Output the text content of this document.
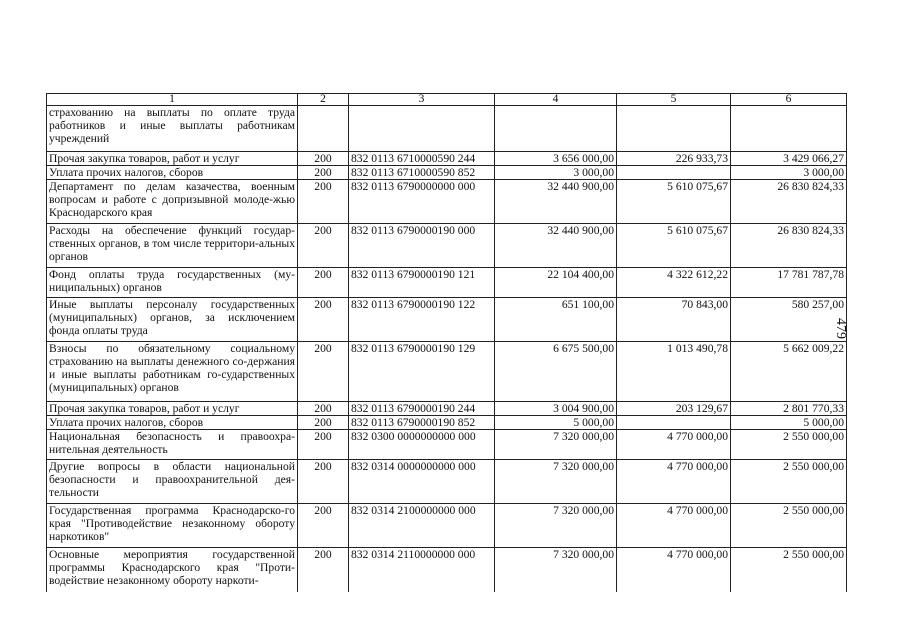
1	2	3	4	5	6
страхованию на выплаты по оплате труда работников и иные выплаты работникам учреждений					
Прочая закупка товаров, работ и услуг	200	832 0113 6710000590 244	3 656 000,00	226 933,73	3 429 066,27
Уплата прочих налогов, сборов	200	832 0113 6710000590 852	3 000,00		3 000,00
Департамент по делам казачества, военным вопросам и работе с допризывной молоде-жью Краснодарского края	200	832 0113 6790000000 000	32 440 900,00	5 610 075,67	26 830 824,33
Расходы на обеспечение функций государ-ственных органов, в том числе территори-альных органов	200	832 0113 6790000190 000	32 440 900,00	5 610 075,67	26 830 824,33
Фонд оплаты труда государственных (му-ниципальных) органов	200	832 0113 6790000190 121	22 104 400,00	4 322 612,22	17 781 787,78
Иные выплаты персоналу государственных (муниципальных) органов, за исключением фонда оплаты труда	200	832 0113 6790000190 122	651 100,00	70 843,00	580 257,00
Взносы по обязательному социальному страхованию на выплаты денежного со-держания и иные выплаты работникам го-сударственных (муниципальных) органов	200	832 0113 6790000190 129	6 675 500,00	1 013 490,78	5 662 009,22
Прочая закупка товаров, работ и услуг	200	832 0113 6790000190 244	3 004 900,00	203 129,67	2 801 770,33
Уплата прочих налогов, сборов	200	832 0113 6790000190 852	5 000,00		5 000,00
Национальная безопасность и правоохра-нительная деятельность	200	832 0300 0000000000 000	7 320 000,00	4 770 000,00	2 550 000,00
Другие вопросы в области национальной безопасности и правоохранительной дея-тельности	200	832 0314 0000000000 000	7 320 000,00	4 770 000,00	2 550 000,00
Государственная программа Краснодарско-го края "Противодействие незаконному обороту наркотиков"	200	832 0314 2100000000 000	7 320 000,00	4 770 000,00	2 550 000,00
Основные мероприятия государственной программы Краснодарского края "Проти-водействие незаконному обороту наркоти-	200	832 0314 2110000000 000	7 320 000,00	4 770 000,00	2 550 000,00
479
